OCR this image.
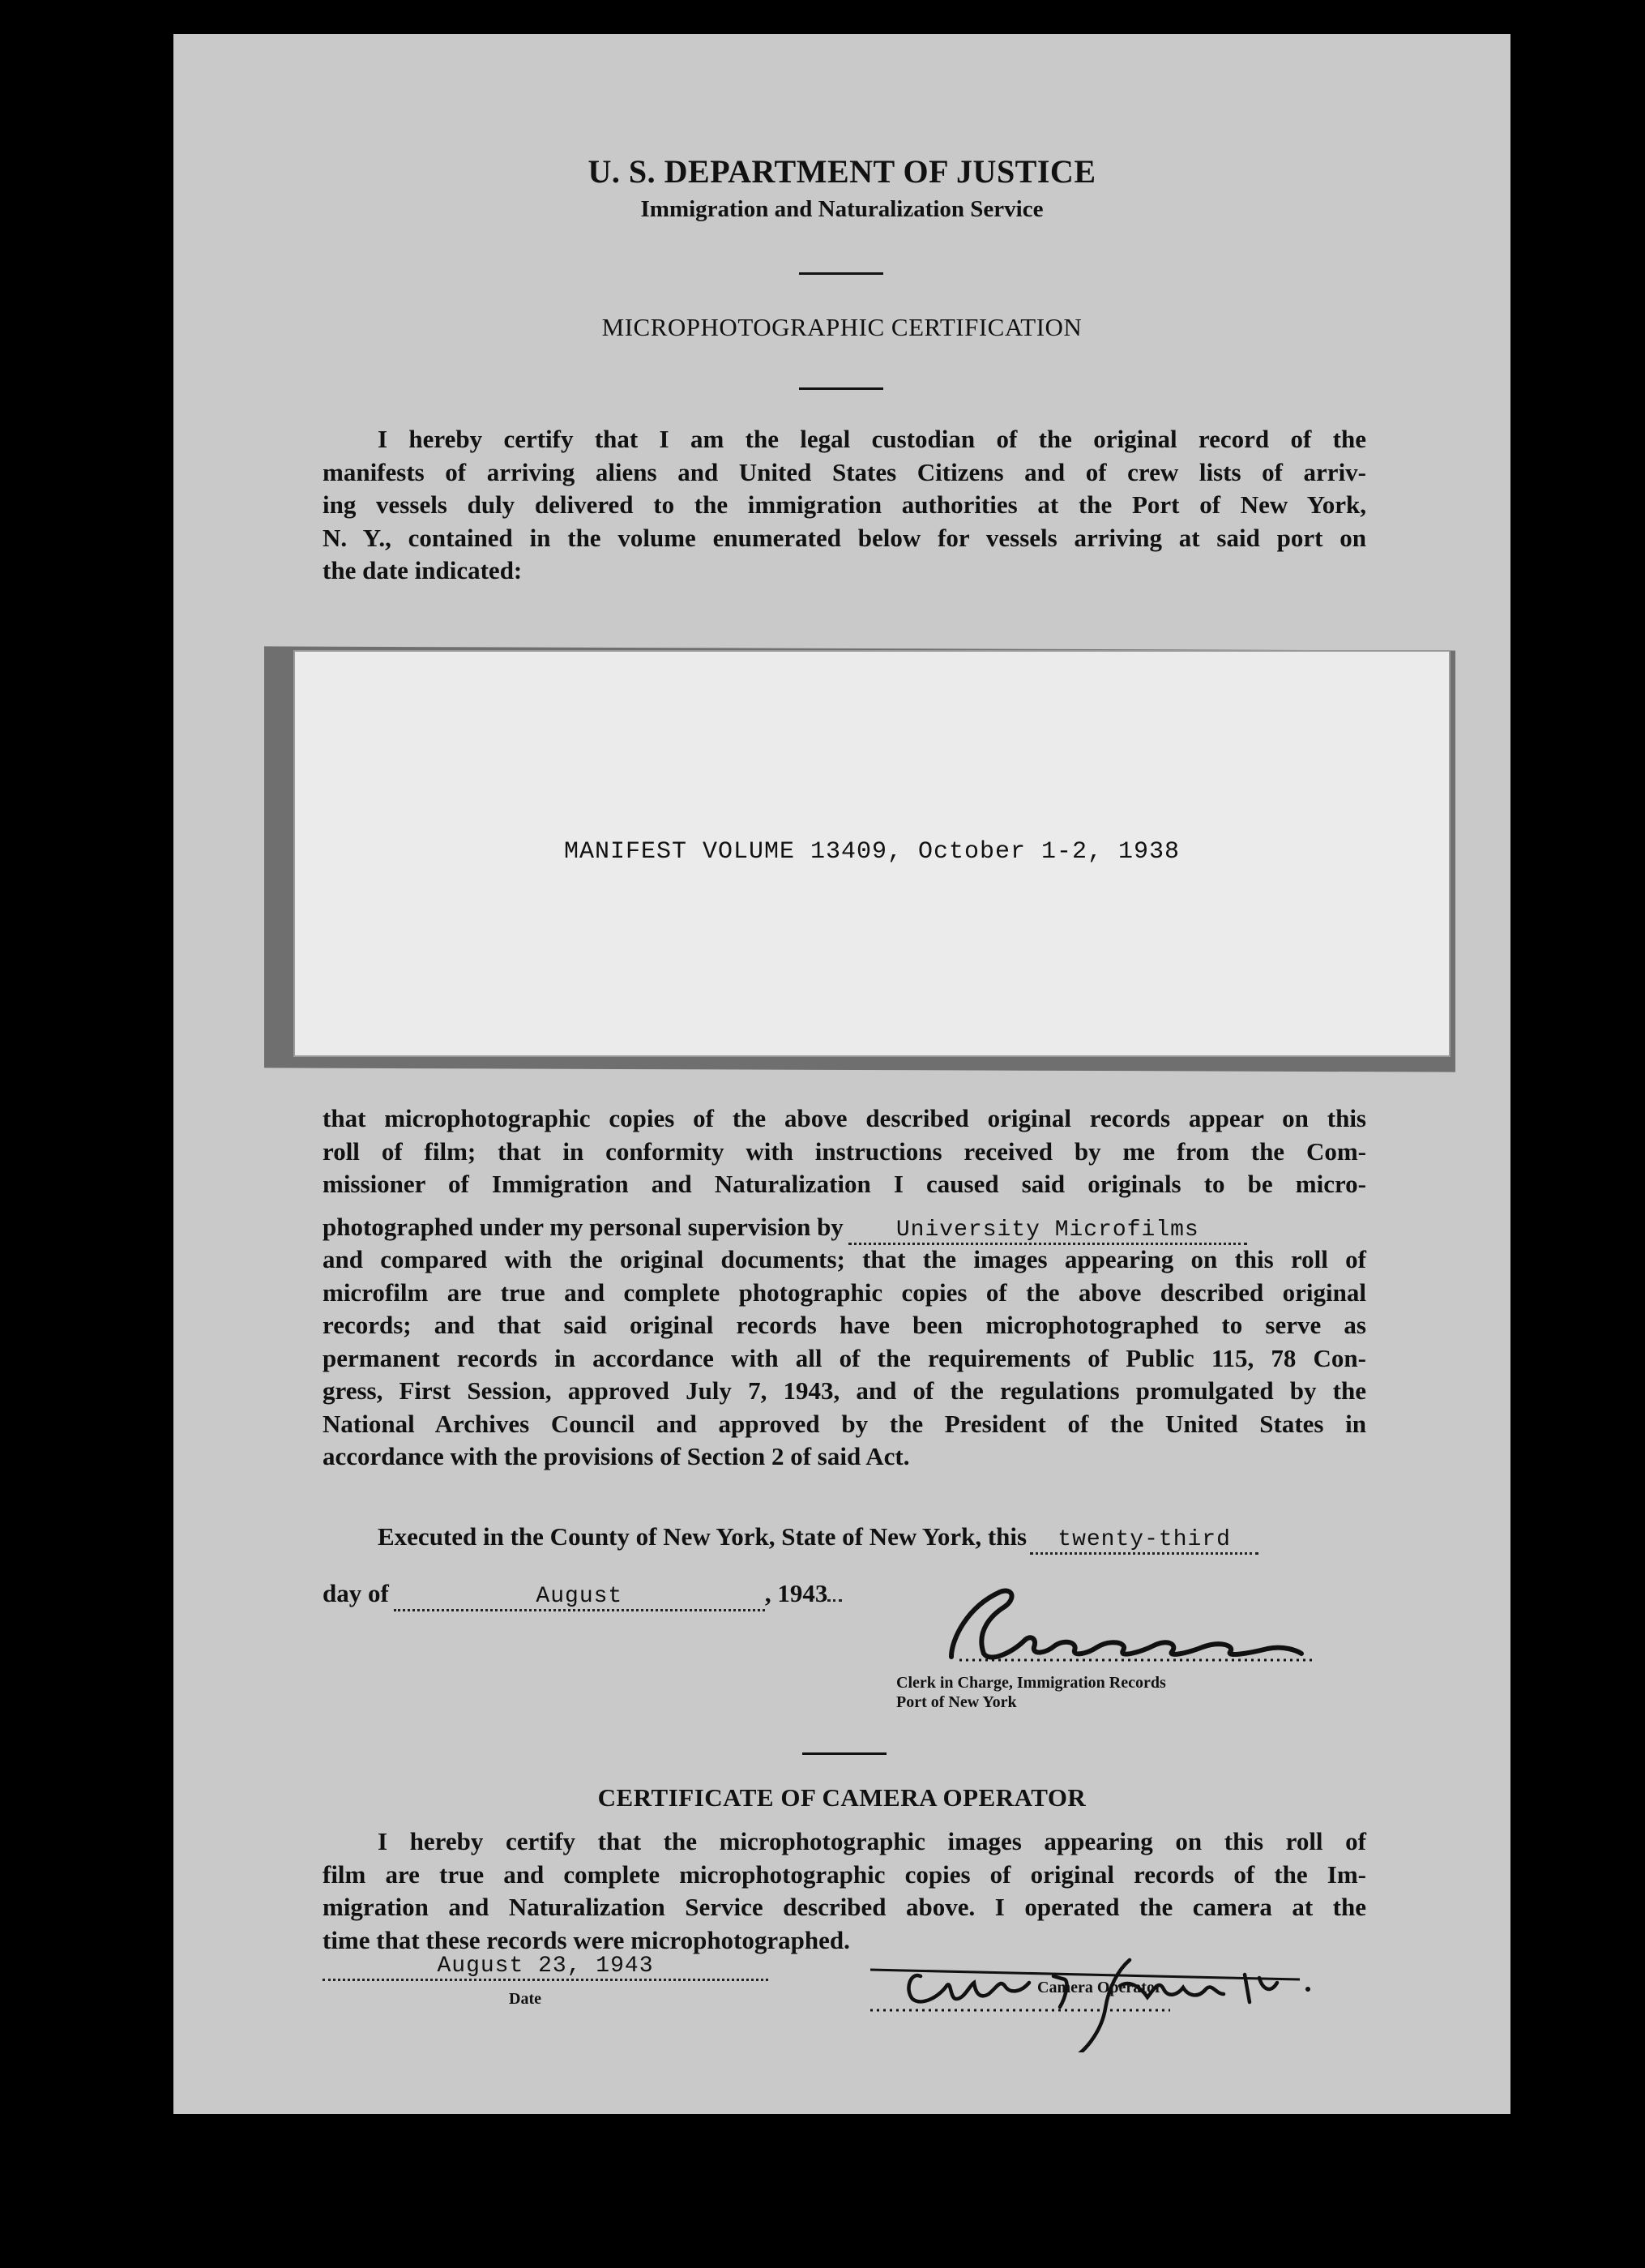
U. S. DEPARTMENT OF JUSTICE
Immigration and Naturalization Service
MICROPHOTOGRAPHIC CERTIFICATION
I hereby certify that I am the legal custodian of the original record of the
manifests of arriving aliens and United States Citizens and of crew lists of arriv-
ing vessels duly delivered to the immigration authorities at the Port of New York,
N. Y., contained in the volume enumerated below for vessels arriving at said port on
the date indicated:
MANIFEST VOLUME 13409, October 1-2, 1938
that microphotographic copies of the above described original records appear on this
roll of film; that in conformity with instructions received by me from the Com-
missioner of Immigration and Naturalization I caused said originals to be micro-
photographed under my personal supervision by University Microfilms
and compared with the original documents; that the images appearing on this roll of
microfilm are true and complete photographic copies of the above described original
records; and that said original records have been microphotographed to serve as
permanent records in accordance with all of the requirements of Public 115, 78 Con-
gress, First Session, approved July 7, 1943, and of the regulations promulgated by the
National Archives Council and approved by the President of the United States in
accordance with the provisions of Section 2 of said Act.
Executed in the County of New York, State of New York, this twenty-third
day of	August	, 1943
Clerk in Charge, Immigration Records
Port of New York
CERTIFICATE OF CAMERA OPERATOR
I hereby certify that the microphotographic images appearing on this roll of
film are true and complete microphotographic copies of original records of the Im-
migration and Naturalization Service described above. I operated the camera at the
time that these records were microphotographed.
August 23, 1943
Date
Camera Operator
